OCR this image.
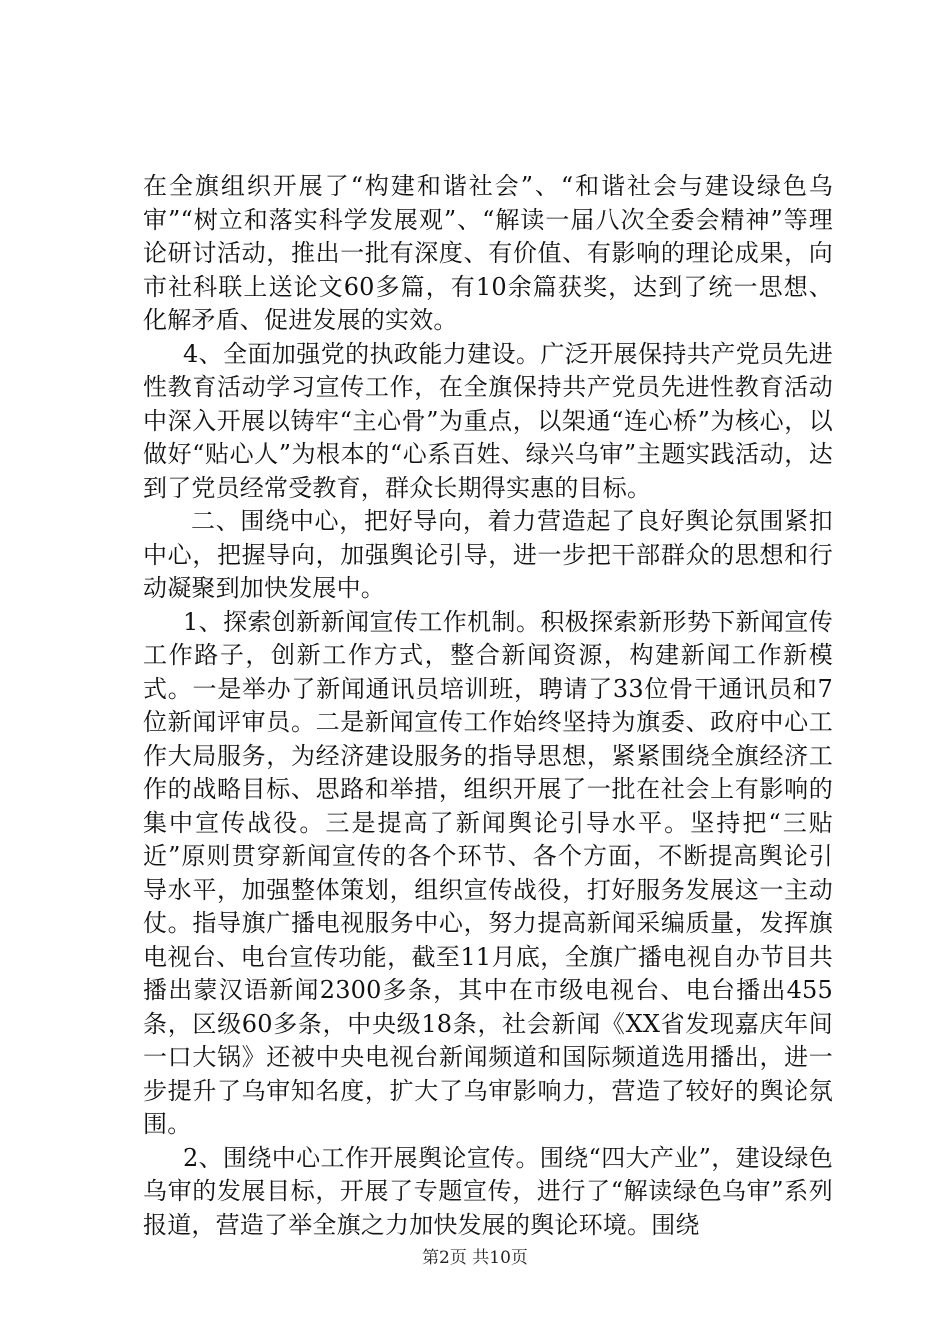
在全旗组织开展了“构建和谐社会”、“和谐社会与建设绿色乌审”“树立和落实科学发展观”、“解读一届八次全委会精神”等理论研讨活动，推出一批有深度、有价值、有影响的理论成果，向市社科联上送论文60多篇，有10余篇获奖，达到了统一思想、化解矛盾、促进发展的实效。

4、全面加强党的执政能力建设。广泛开展保持共产党员先进性教育活动学习宣传工作，在全旗保持共产党员先进性教育活动中深入开展以铸牢“主心骨”为重点，以架通“连心桥”为核心，以做好“贴心人”为根本的“心系百姓、绿兴乌审”主题实践活动，达到了党员经常受教育，群众长期得实惠的目标。

二、围绕中心，把好导向，着力营造起了良好舆论氛围紧扣中心，把握导向，加强舆论引导，进一步把干部群众的思想和行动凝聚到加快发展中。

1、探索创新新闻宣传工作机制。积极探索新形势下新闻宣传工作路子，创新工作方式，整合新闻资源，构建新闻工作新模式。一是举办了新闻通讯员培训班，聘请了33位骨干通讯员和7位新闻评审员。二是新闻宣传工作始终坚持为旗委、政府中心工作大局服务，为经济建设服务的指导思想，紧紧围绕全旗经济工作的战略目标、思路和举措，组织开展了一批在社会上有影响的集中宣传战役。三是提高了新闻舆论引导水平。坚持把“三贴近”原则贯穿新闻宣传的各个环节、各个方面，不断提高舆论引导水平，加强整体策划，组织宣传战役，打好服务发展这一主动仗。指导旗广播电视服务中心，努力提高新闻采编质量，发挥旗电视台、电台宣传功能，截至11月底，全旗广播电视自办节目共播出蒙汉语新闻2300多条，其中在市级电视台、电台播出455条，区级60多条，中央级18条，社会新闻《XX省发现嘉庆年间一口大锅》还被中央电视台新闻频道和国际频道选用播出，进一步提升了乌审知名度，扩大了乌审影响力，营造了较好的舆论氛围。

2、围绕中心工作开展舆论宣传。围绕“四大产业”，建设绿色乌审的发展目标，开展了专题宣传，进行了“解读绿色乌审”系列报道，营造了举全旗之力加快发展的舆论环境。围绕

第2页 共10页
